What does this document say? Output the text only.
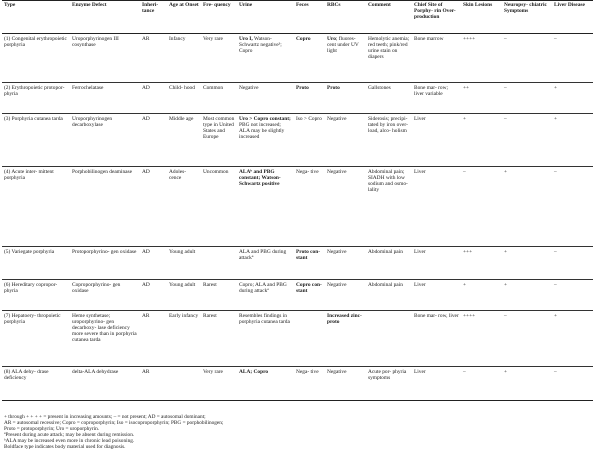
Type	Enzyme Defect	Inheri- tance	Age at Onset	Fre- quency	Urine	Feces	RBCs	Comment	Chief Site of Porphy- rin Over- production	Skin Lesions	Neuropsy- chiatric Symptoms	Liver Disease
(1) Congenital erythropoietic porphyria	Uroporphyrinogen III cosynthase	AR	Infancy	Very rare	Uro I, Watson- Schwartz negative³; Copro	Copro	Uro; fluores- cent under UV light	Hemolytic anemia; red teeth; pink/red urine stain on diapers	Bone marrow	++++	–	–
(2) Erythropoietic protopor- phyria	Ferrochelatase	AD	Child- hood	Common	Negative	Proto	Proto	Gallstones	Bone mar- row; liver variable	++	–	+
(3) Porphyria cutanea tarda	Uroporphyrinogen decarboxylase	AD	Middle age	Most common type in United States and Europe	Uro > Copro constant; PBG not increased; ALA may be slightly increased	Iso > Copro	Negative	Siderosis; precipi- tated by iron over- load, alco- holism	Liver	+	–	+
(4) Acute inter- mittent porphyria	Porphobilinogen deaminase	AD	Adoles- cence	Uncommon	ALAᵇ and PBG constant; Watson- Schwartz positive	Nega- tive	Negative	Abdominal pain; SIADH with low sodium and osmo- lality	Liver	–	+	–
(5) Variegate porphyria	Protoporphyrino- gen oxidase	AD	Young adult		ALA and PBG during attackª	Proto con- stant	Negative	Abdominal pain	Liver	+++	+	–
(6) Hereditary copropor- phyria	Coproporphyrino- gen oxidase	AD	Young adult	Rarest	Copro; ALA and PBG during attackª	Copro con- stant	Negative	Abdominal pain	Liver	+	+	–
(7) Hepatoery- thropoietic porphyria	Heme synthetase; uroporphyrino- gen decarboxy- lase deficiency more severe than in porphyria cutanea tarda	AR	Early infancy	Rarest	Resembles findings in porphyria cutanea tarda		Increased zinc- proto		Bone mar- row, liver	++++	–	+
(8) ALA dehy- drase deficiency	delta-ALA dehydrase	AR		Very rare	ALA; Copro	Nega- tive	Negative	Acute por- phyria symptoms	Liver	–	+	–
+ through + + + + = present in increasing amounts; – = not present; AD = autosomal dominant;
AR = autosomal recessive; Copro = coproporphyrin; Iso = isocoproporphyrin; PBG = porphobilinogen;
Proto = protoporphyrin; Uro = uroporphyrin.
ªPresent during acute attack; may be absent during remission.
ᵇALA may be increased even more in chronic lead poisoning.
Boldface type indicates body material used for diagnosis.
